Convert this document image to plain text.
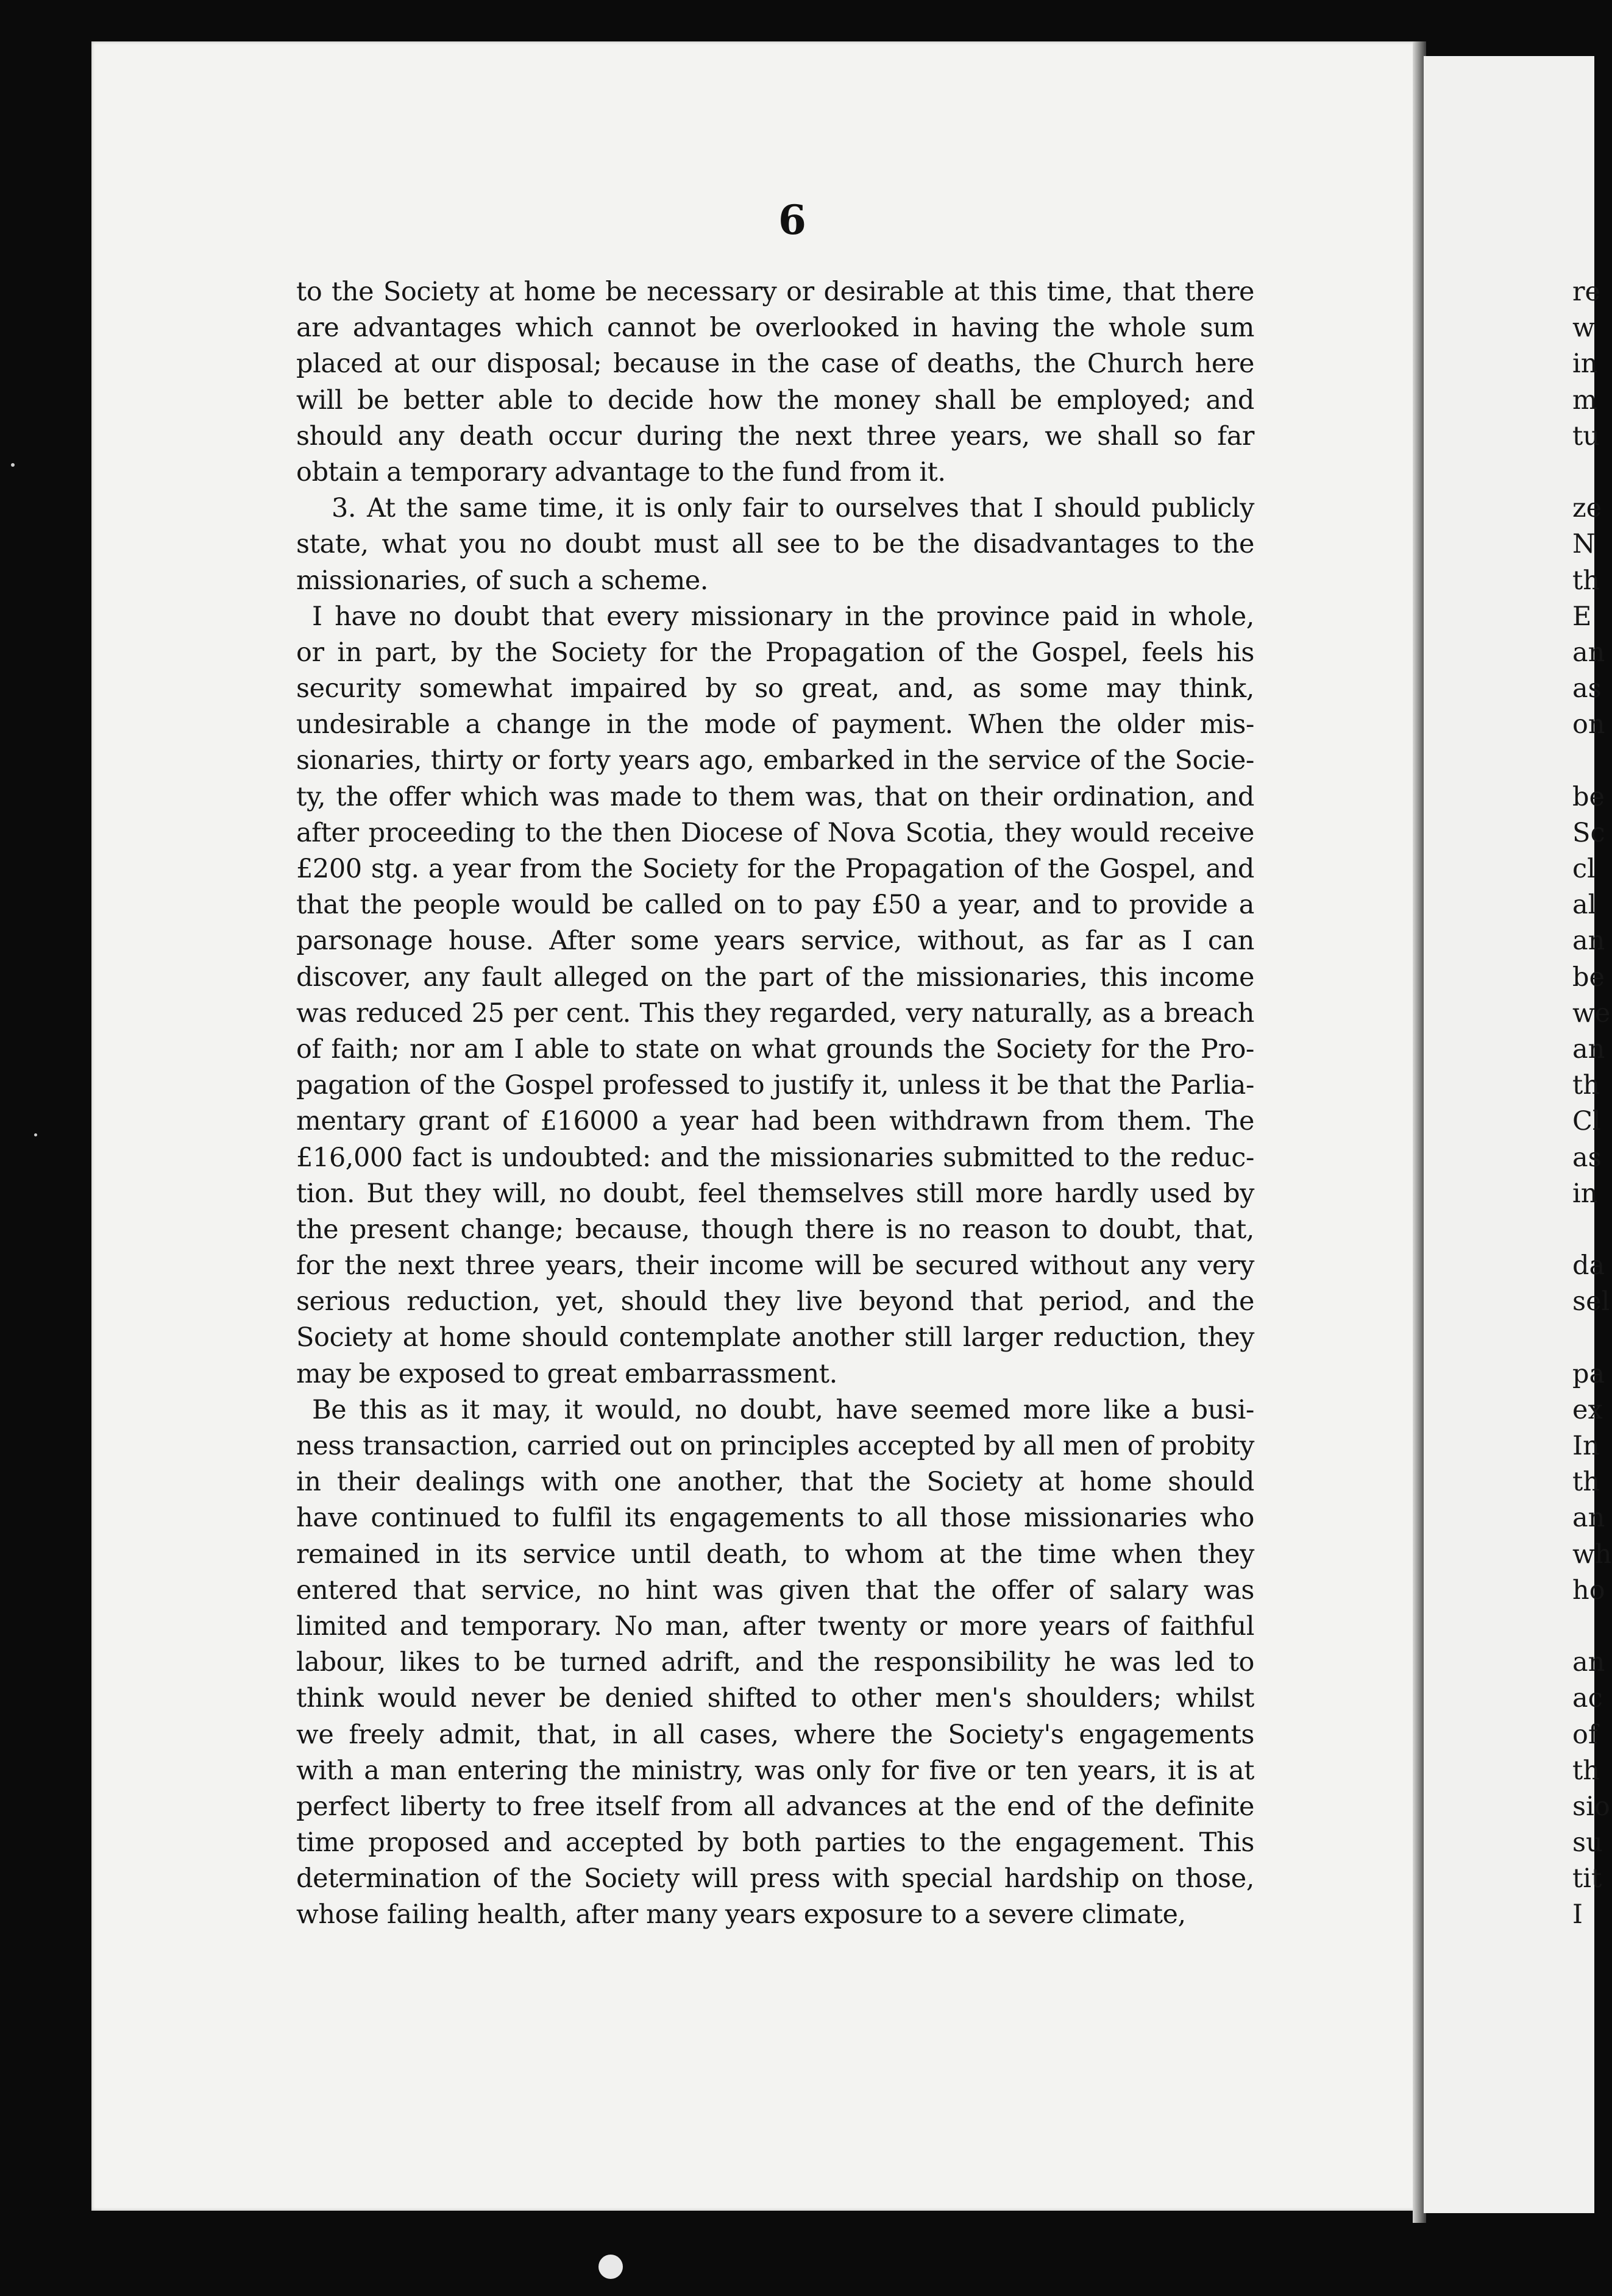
6
to the Society at home be necessary or desirable at this time, that there
are advantages which cannot be overlooked in having the whole sum
placed at our disposal; because in the case of deaths, the Church here
will be better able to decide how the money shall be employed; and
should any death occur during the next three years, we shall so far
obtain a temporary advantage to the fund from it.
3. At the same time, it is only fair to ourselves that I should publicly
state, what you no doubt must all see to be the disadvantages to the
missionaries, of such a scheme.
I have no doubt that every missionary in the province paid in whole,
or in part, by the Society for the Propagation of the Gospel, feels his
security somewhat impaired by so great, and, as some may think,
undesirable a change in the mode of payment. When the older mis-
sionaries, thirty or forty years ago, embarked in the service of the Socie-
ty, the offer which was made to them was, that on their ordination, and
after proceeding to the then Diocese of Nova Scotia, they would receive
£200 stg. a year from the Society for the Propagation of the Gospel, and
that the people would be called on to pay £50 a year, and to provide a
parsonage house. After some years service, without, as far as I can
discover, any fault alleged on the part of the missionaries, this income
was reduced 25 per cent. This they regarded, very naturally, as a breach
of faith; nor am I able to state on what grounds the Society for the Pro-
pagation of the Gospel professed to justify it, unless it be that the Parlia-
mentary grant of £16000 a year had been withdrawn from them. The
£16,000 fact is undoubted: and the missionaries submitted to the reduc-
tion. But they will, no doubt, feel themselves still more hardly used by
the present change; because, though there is no reason to doubt, that,
for the next three years, their income will be secured without any very
serious reduction, yet, should they live beyond that period, and the
Society at home should contemplate another still larger reduction, they
may be exposed to great embarrassment.
Be this as it may, it would, no doubt, have seemed more like a busi-
ness transaction, carried out on principles accepted by all men of probity
in their dealings with one another, that the Society at home should
have continued to fulfil its engagements to all those missionaries who
remained in its service until death, to whom at the time when they
entered that service, no hint was given that the offer of salary was
limited and temporary. No man, after twenty or more years of faithful
labour, likes to be turned adrift, and the responsibility he was led to
think would never be denied shifted to other men's shoulders; whilst
we freely admit, that, in all cases, where the Society's engagements
with a man entering the ministry, was only for five or ten years, it is at
perfect liberty to free itself from all advances at the end of the definite
time proposed and accepted by both parties to the engagement. This
determination of the Society will press with special hardship on those,
whose failing health, after many years exposure to a severe climate,
re
w
in
m
tu
ze
N
th
E
an
as
on
be
Sc
cl
al
an
be
we
an
th
Cl
as
in
da
sel
pa
ex
In
th
an
wh
ho
an
ac
of
th
sio
su
tit
I
